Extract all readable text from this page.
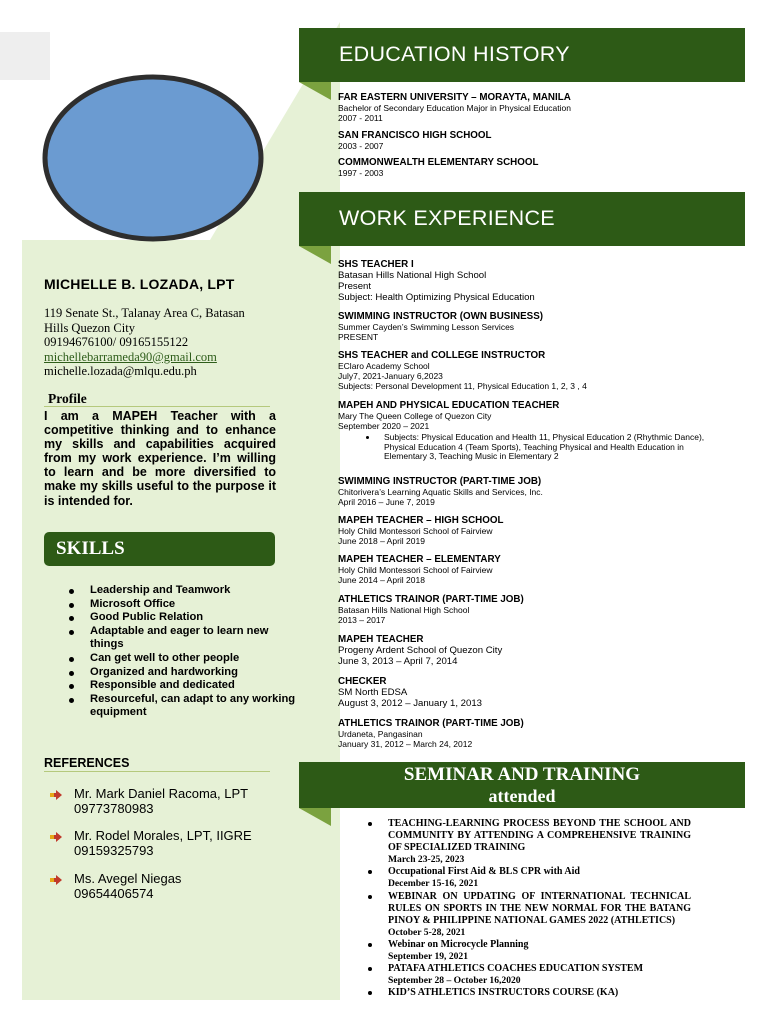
MICHELLE B. LOZADA, LPT
119 Senate St., Talanay Area C, Batasan
Hills Quezon City
09194676100/ 09165155122
michellebarrameda90@gmail.com
michelle.lozada@mlqu.edu.ph
Profile
I am a MAPEH Teacher with a competitive thinking and to enhance my skills and capabilities acquired from my work experience. I’m willing to learn and be more diversified to make my skills useful to the purpose it is intended for.
SKILLS
Leadership and Teamwork
Microsoft Office
Good Public Relation
Adaptable and eager to learn new things
Can get well to other people
Organized and hardworking
Responsible and dedicated
Resourceful, can adapt to any working equipment
REFERENCES
Mr. Mark Daniel Racoma, LPT
09773780983
Mr. Rodel Morales, LPT, IIGRE
09159325793
Ms. Avegel Niegas
09654406574
EDUCATION HISTORY
FAR EASTERN UNIVERSITY – MORAYTA, MANILA
Bachelor of Secondary Education Major in Physical Education
2007 - 2011
SAN FRANCISCO HIGH SCHOOL
2003 - 2007
COMMONWEALTH ELEMENTARY SCHOOL
1997 - 2003
WORK EXPERIENCE
SHS TEACHER I
Batasan Hills National High School
Present
Subject: Health Optimizing Physical Education
SWIMMING INSTRUCTOR (OWN BUSINESS)
Summer Cayden’s Swimming Lesson Services
PRESENT
SHS TEACHER and COLLEGE INSTRUCTOR
EClaro Academy School
July7, 2021-January 6,2023
Subjects: Personal Development 11, Physical Education 1, 2, 3 , 4
MAPEH AND PHYSICAL EDUCATION TEACHER
Mary The Queen College of Quezon City
September 2020 – 2021
Subjects: Physical Education and Health 11, Physical Education 2 (Rhythmic Dance), Physical Education 4 (Team Sports), Teaching Physical and Health Education in Elementary 3, Teaching Music in Elementary 2
SWIMMING INSTRUCTOR (PART-TIME JOB)
Chitorivera’s Learning Aquatic Skills and Services, Inc.
April 2016 – June 7, 2019
MAPEH TEACHER – HIGH SCHOOL
Holy Child Montessori School of Fairview
June 2018 – April 2019
MAPEH TEACHER – ELEMENTARY
Holy Child Montessori School of Fairview
June 2014 – April 2018
ATHLETICS TRAINOR (PART-TIME JOB)
Batasan Hills National High School
2013 – 2017
MAPEH TEACHER
Progeny Ardent School of Quezon City
June 3, 2013 – April 7, 2014
CHECKER
SM North EDSA
August 3, 2012 – January 1, 2013
ATHLETICS TRAINOR (PART-TIME JOB)
Urdaneta, Pangasinan
January 31, 2012 – March 24, 2012
SEMINAR AND TRAINING
attended
TEACHING-LEARNING PROCESS BEYOND THE SCHOOL AND COMMUNITY BY ATTENDING A COMPREHENSIVE TRAINING OF SPECIALIZED TRAINING
March 23-25, 2023
Occupational First Aid & BLS CPR with Aid
December 15-16, 2021
WEBINAR ON UPDATING OF INTERNATIONAL TECHNICAL RULES ON SPORTS IN THE NEW NORMAL FOR THE BATANG PINOY & PHILIPPINE NATIONAL GAMES 2022 (ATHLETICS)
October 5-28, 2021
Webinar on Microcycle Planning
September 19, 2021
PATAFA ATHLETICS COACHES EDUCATION SYSTEM
September 28 – October 16,2020
KID’S ATHLETICS INSTRUCTORS COURSE (KA)
